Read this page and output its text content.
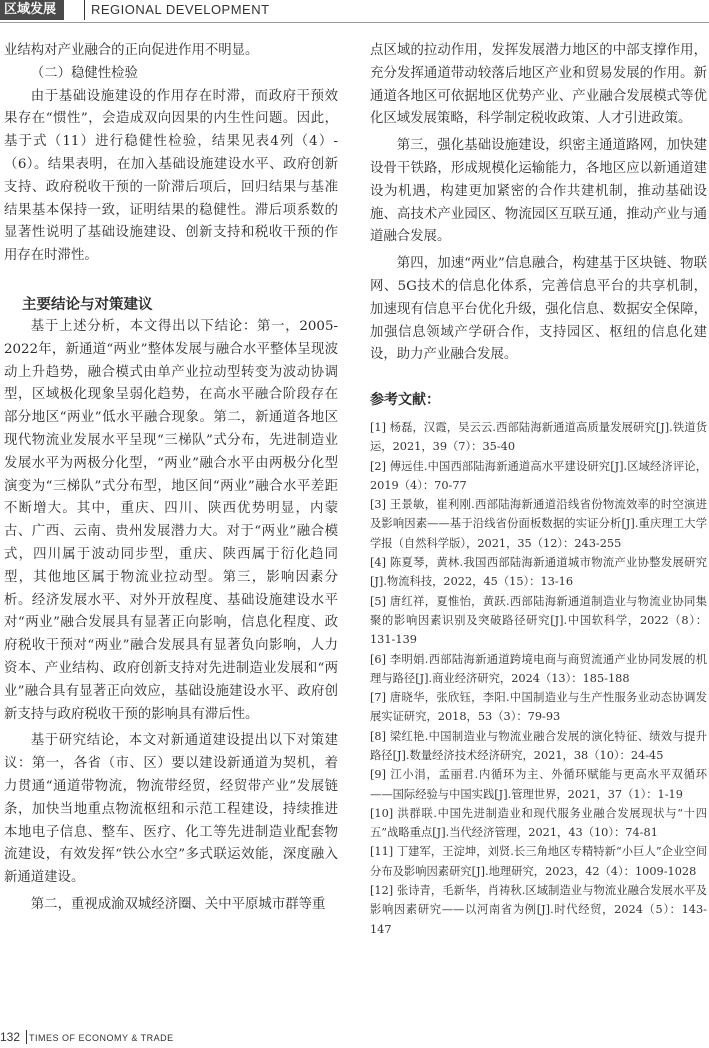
区域发展	REGIONAL DEVELOPMENT

业结构对产业融合的正向促进作用不明显。

（二）稳健性检验

由于基础设施建设的作用存在时滞，而政府干预效果存在“惯性”，会造成双向因果的内生性问题。因此，基于式（11）进行稳健性检验，结果见表4列（4）-（6）。结果表明，在加入基础设施建设水平、政府创新支持、政府税收干预的一阶滞后项后，回归结果与基准结果基本保持一致，证明结果的稳健性。滞后项系数的显著性说明了基础设施建设、创新支持和税收干预的作用存在时滞性。

主要结论与对策建议

基于上述分析，本文得出以下结论：第一，2005-2022年，新通道“两业”整体发展与融合水平整体呈现波动上升趋势，融合模式由单产业拉动型转变为波动协调型，区域极化现象呈弱化趋势，在高水平融合阶段存在部分地区“两业”低水平融合现象。第二，新通道各地区现代物流业发展水平呈现“三梯队”式分布，先进制造业发展水平为两极分化型，“两业”融合水平由两极分化型演变为“三梯队”式分布型，地区间“两业”融合水平差距不断增大。其中，重庆、四川、陕西优势明显，内蒙古、广西、云南、贵州发展潜力大。对于“两业”融合模式，四川属于波动同步型，重庆、陕西属于衍化趋同型，其他地区属于物流业拉动型。第三，影响因素分析。经济发展水平、对外开放程度、基础设施建设水平对“两业”融合发展具有显著正向影响，信息化程度、政府税收干预对“两业”融合发展具有显著负向影响，人力资本、产业结构、政府创新支持对先进制造业发展和“两业”融合具有显著正向效应，基础设施建设水平、政府创新支持与政府税收干预的影响具有滞后性。

基于研究结论，本文对新通道建设提出以下对策建议：第一，各省（市、区）要以建设新通道为契机，着力贯通“通道带物流，物流带经贸，经贸带产业”发展链条，加快当地重点物流枢纽和示范工程建设，持续推进本地电子信息、整车、医疗、化工等先进制造业配套物流建设，有效发挥“铁公水空”多式联运效能，深度融入新通道建设。

第二，重视成渝双城经济圈、关中平原城市群等重

点区域的拉动作用，发挥发展潜力地区的中部支撑作用，充分发挥通道带动较落后地区产业和贸易发展的作用。新通道各地区可依据地区优势产业、产业融合发展模式等优化区域发展策略，科学制定税收政策、人才引进政策。

第三，强化基础设施建设，织密主通道路网，加快建设骨干铁路，形成规模化运输能力，各地区应以新通道建设为机遇，构建更加紧密的合作共建机制，推动基础设施、高技术产业园区、物流园区互联互通，推动产业与通道融合发展。

第四，加速“两业”信息融合，构建基于区块链、物联网、5G技术的信息化体系，完善信息平台的共享机制，加速现有信息平台优化升级，强化信息、数据安全保障，加强信息领域产学研合作，支持园区、枢纽的信息化建设，助力产业融合发展。

参考文献：

[1] 杨磊，汉霞，吴云云.西部陆海新通道高质量发展研究[J].铁道货运，2021，39（7）：35-40

[2] 傅远佳.中国西部陆海新通道高水平建设研究[J].区域经济评论，2019（4）：70-77

[3] 王景敏，崔利刚.西部陆海新通道沿线省份物流效率的时空演进及影响因素——基于沿线省份面板数据的实证分析[J].重庆理工大学学报（自然科学版），2021，35（12）：243-255

[4] 陈夏琴，黄林.我国西部陆海新通道城市物流产业协整发展研究[J].物流科技，2022，45（15）：13-16

[5] 唐红祥，夏惟怡，黄跃.西部陆海新通道制造业与物流业协同集聚的影响因素识别及突破路径研究[J].中国软科学，2022（8）：131-139

[6] 李明娟.西部陆海新通道跨境电商与商贸流通产业协同发展的机理与路径[J].商业经济研究，2024（13）：185-188

[7] 唐晓华，张欣钰，李阳.中国制造业与生产性服务业动态协调发展实证研究，2018，53（3）：79-93

[8] 梁红艳.中国制造业与物流业融合发展的演化特征、绩效与提升路径[J].数量经济技术经济研究，2021，38（10）：24-45

[9] 江小涓，孟丽君.内循环为主、外循环赋能与更高水平双循环——国际经验与中国实践[J].管理世界，2021，37（1）：1-19

[10] 洪群联.中国先进制造业和现代服务业融合发展现状与“十四五”战略重点[J].当代经济管理，2021，43（10）：74-81

[11] 丁建军，王淀坤，刘贤.长三角地区专精特新“小巨人”企业空间分布及影响因素研究[J].地理研究，2023，42（4）：1009-1028

[12] 张诗青，毛新华，肖祷秋.区域制造业与物流业融合发展水平及影响因素研究——以河南省为例[J].时代经贸，2024（5）：143-147

132 TIMES OF ECONOMY & TRADE
